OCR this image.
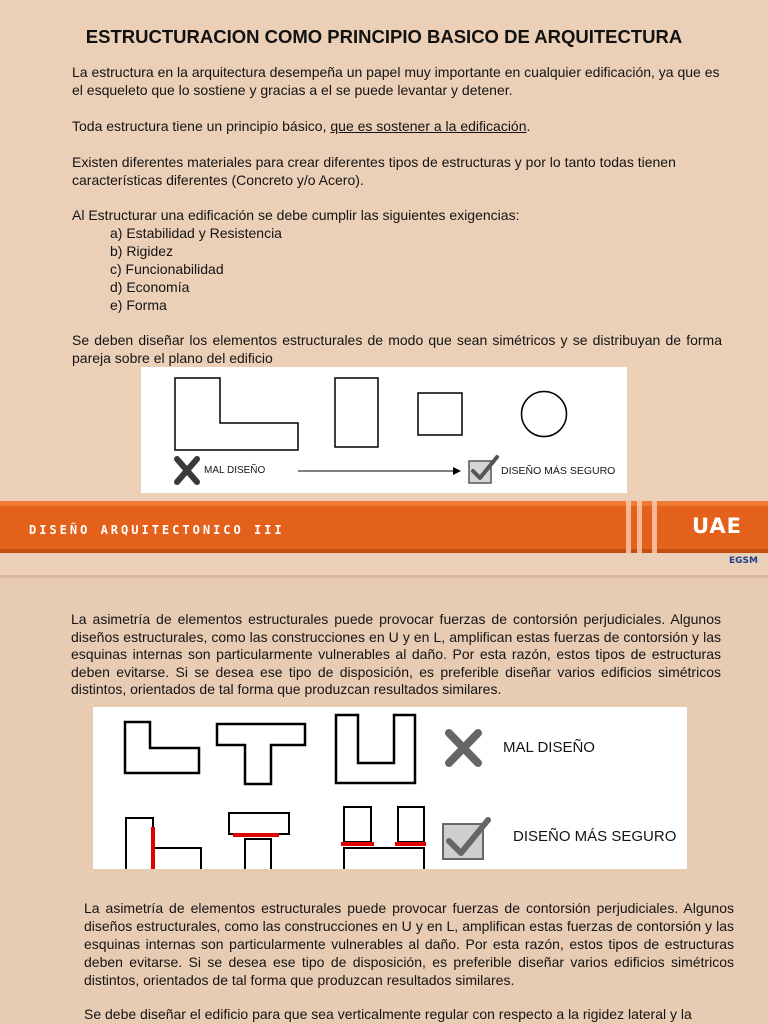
ESTRUCTURACION COMO PRINCIPIO BASICO DE ARQUITECTURA

La estructura en la arquitectura desempeña un papel muy importante en cualquier edificación, ya que es el esqueleto que lo sostiene y gracias a el se puede levantar y detener.

Toda estructura tiene un principio básico, que es sostener a la edificación.

Existen diferentes materiales para crear diferentes tipos de estructuras y por lo tanto todas tienen características diferentes (Concreto y/o Acero).

Al Estructurar una edificación se debe cumplir las siguientes exigencias:

a) Estabilidad y Resistencia
b) Rigidez
c) Funcionabilidad
d) Economía
e) Forma

Se deben diseñar los elementos estructurales de modo que sean simétricos y se distribuyan de forma pareja sobre el plano del edificio

MAL DISEÑO	DISEÑO MÁS SEGURO
DISEÑO ARQUITECTONICO III	UAE
EGSM

La asimetría de elementos estructurales puede provocar fuerzas de contorsión perjudiciales. Algunos diseños estructurales, como las construcciones en U y en L, amplifican estas fuerzas de contorsión y las esquinas internas son particularmente vulnerables al daño. Por esta razón, estos tipos de estructuras deben evitarse. Si se desea ese tipo de disposición, es preferible diseñar varios edificios simétricos distintos, orientados de tal forma que produzcan resultados similares.

MAL DISEÑO
DISEÑO MÁS SEGURO

La asimetría de elementos estructurales puede provocar fuerzas de contorsión perjudiciales. Algunos diseños estructurales, como las construcciones en U y en L, amplifican estas fuerzas de contorsión y las esquinas internas son particularmente vulnerables al daño. Por esta razón, estos tipos de estructuras deben evitarse. Si se desea ese tipo de disposición, es preferible diseñar varios edificios simétricos distintos, orientados de tal forma que produzcan resultados similares.

Se debe diseñar el edificio para que sea verticalmente regular con respecto a la rigidez lateral y la
